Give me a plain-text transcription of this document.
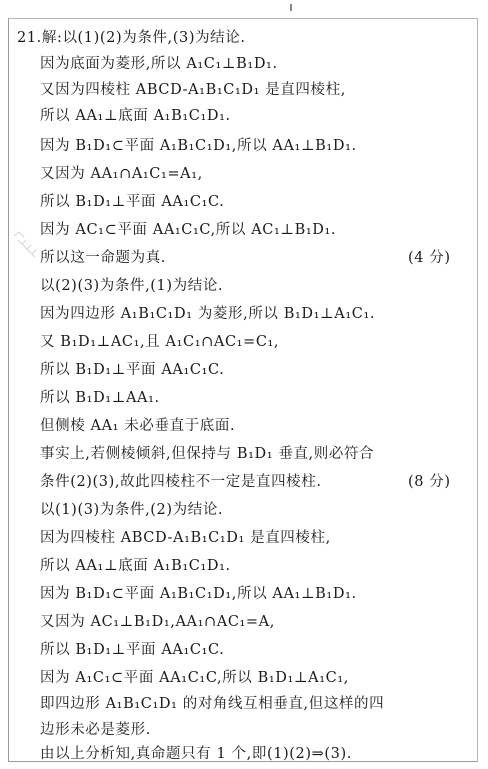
21.解:以(1)(2)为条件,(3)为结论.
因为底面为菱形,所以 A₁C₁⊥B₁D₁.
又因为四棱柱 ABCD-A₁B₁C₁D₁ 是直四棱柱,
所以 AA₁⊥底面 A₁B₁C₁D₁.
因为 B₁D₁⊂平面 A₁B₁C₁D₁,所以 AA₁⊥B₁D₁.
又因为 AA₁∩A₁C₁=A₁,
所以 B₁D₁⊥平面 AA₁C₁C.
因为 AC₁⊂平面 AA₁C₁C,所以 AC₁⊥B₁D₁.
所以这一命题为真.	(4 分)
以(2)(3)为条件,(1)为结论.
因为四边形 A₁B₁C₁D₁ 为菱形,所以 B₁D₁⊥A₁C₁.
又 B₁D₁⊥AC₁,且 A₁C₁∩AC₁=C₁,
所以 B₁D₁⊥平面 AA₁C₁C.
所以 B₁D₁⊥AA₁.
但侧棱 AA₁ 未必垂直于底面.
事实上,若侧棱倾斜,但保持与 B₁D₁ 垂直,则必符合
条件(2)(3),故此四棱柱不一定是直四棱柱.	(8 分)
以(1)(3)为条件,(2)为结论.
因为四棱柱 ABCD-A₁B₁C₁D₁ 是直四棱柱,
所以 AA₁⊥底面 A₁B₁C₁D₁.
因为 B₁D₁⊂平面 A₁B₁C₁D₁,所以 AA₁⊥B₁D₁.
又因为 AC₁⊥B₁D₁,AA₁∩AC₁=A,
所以 B₁D₁⊥平面 AA₁C₁C.
因为 A₁C₁⊂平面 AA₁C₁C,所以 B₁D₁⊥A₁C₁,
即四边形 A₁B₁C₁D₁ 的对角线互相垂直,但这样的四
边形未必是菱形.
由以上分析知,真命题只有 1 个,即(1)(2)⇒(3).
